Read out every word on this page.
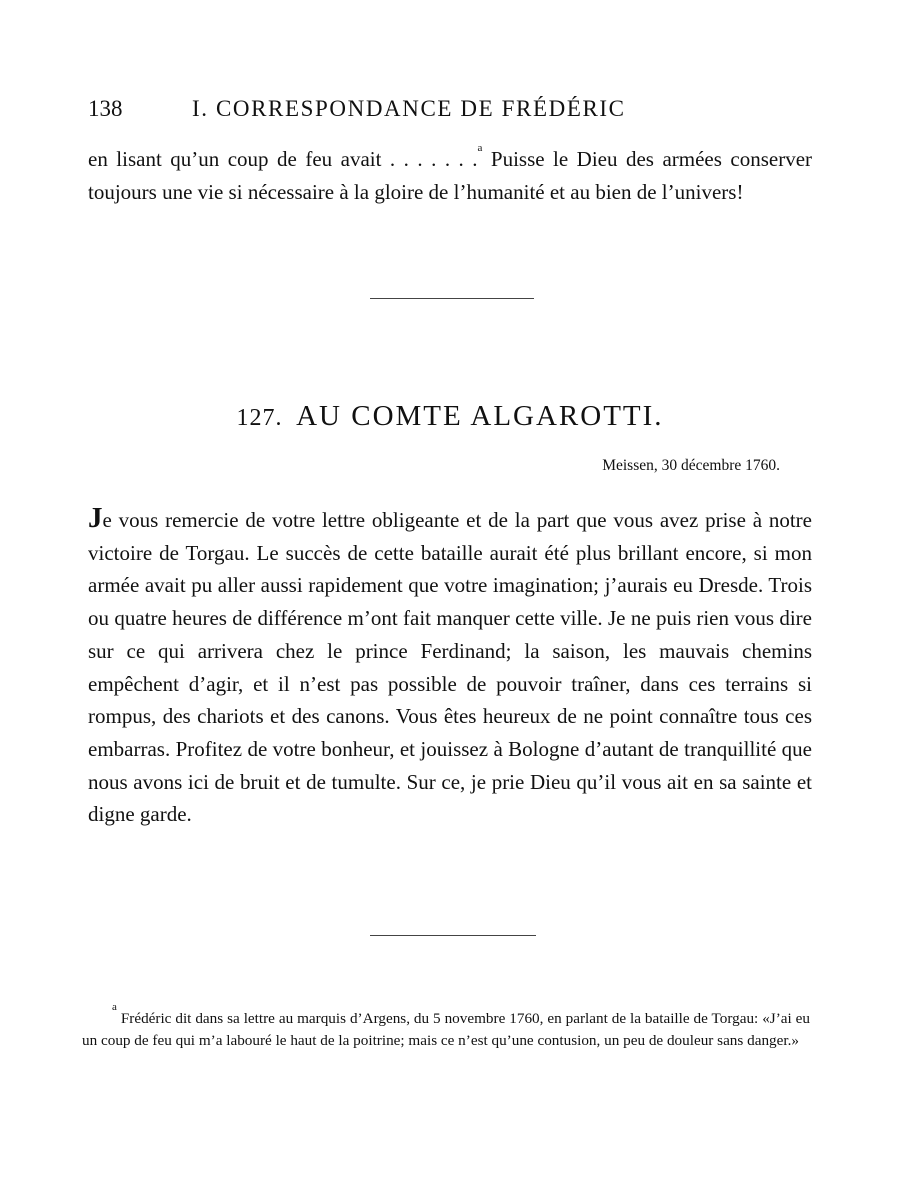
138	I. CORRESPONDANCE DE FRÉDÉRIC

en lisant qu’un coup de feu avait . . . . . . .$^a$ Puisse le Dieu des armées conserver toujours une vie si nécessaire à la gloire de l’humanité et au bien de l’univers!

127. AU COMTE ALGAROTTI.
Meissen, 30 décembre 1760.

Je vous remercie de votre lettre obligeante et de la part que vous avez prise à notre victoire de Torgau. Le succès de cette bataille aurait été plus brillant encore, si mon armée avait pu aller aussi rapidement que votre imagination; j’aurais eu Dresde. Trois ou quatre heures de différence m’ont fait manquer cette ville. Je ne puis rien vous dire sur ce qui arrivera chez le prince Ferdinand; la saison, les mauvais chemins empêchent d’agir, et il n’est pas possible de pouvoir traîner, dans ces terrains si rompus, des chariots et des canons. Vous êtes heureux de ne point connaître tous ces embarras. Profitez de votre bonheur, et jouissez à Bologne d’autant de tranquillité que nous avons ici de bruit et de tumulte. Sur ce, je prie Dieu qu’il vous ait en sa sainte et digne garde.

$^a$ Frédéric dit dans sa lettre au marquis d’Argens, du 5 novembre 1760, en parlant de la bataille de Torgau: «J’ai eu un coup de feu qui m’a labouré le haut de la poitrine; mais ce n’est qu’une contusion, un peu de douleur sans danger.»
